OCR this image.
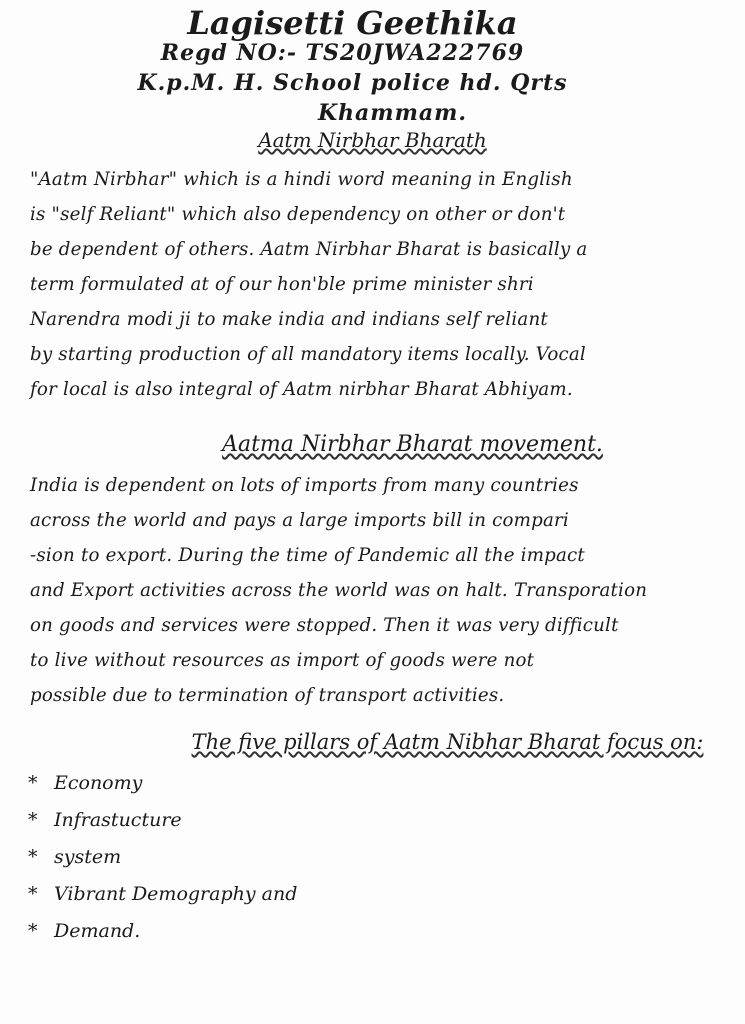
Lagisetti Geethika
Regd NO:- TS20JWA222769
K.p.M. H. School police hd. Qrts
Khammam.
Aatm Nirbhar Bharath
"Aatm Nirbhar" which is a hindi word meaning in English
is "self Reliant" which also dependency on other or don't
be dependent of others. Aatm Nirbhar Bharat is basically a
term formulated at of our hon'ble prime minister shri
Narendra modi ji to make india and indians self reliant
by starting production of all mandatory items locally. Vocal
for local is also integral of Aatm nirbhar Bharat Abhiyam.
Aatma Nirbhar Bharat movement.
India is dependent on lots of imports from many countries
across the world and pays a large imports bill in compari
-sion to export. During the time of Pandemic all the impact
and Export activities across the world was on halt. Transporation
on goods and services were stopped. Then it was very difficult
to live without resources as import of goods were not
possible due to termination of transport activities.
The five pillars of Aatm Nibhar Bharat focus on:
* Economy
* Infrastucture
* system
* Vibrant Demography and
* Demand.
